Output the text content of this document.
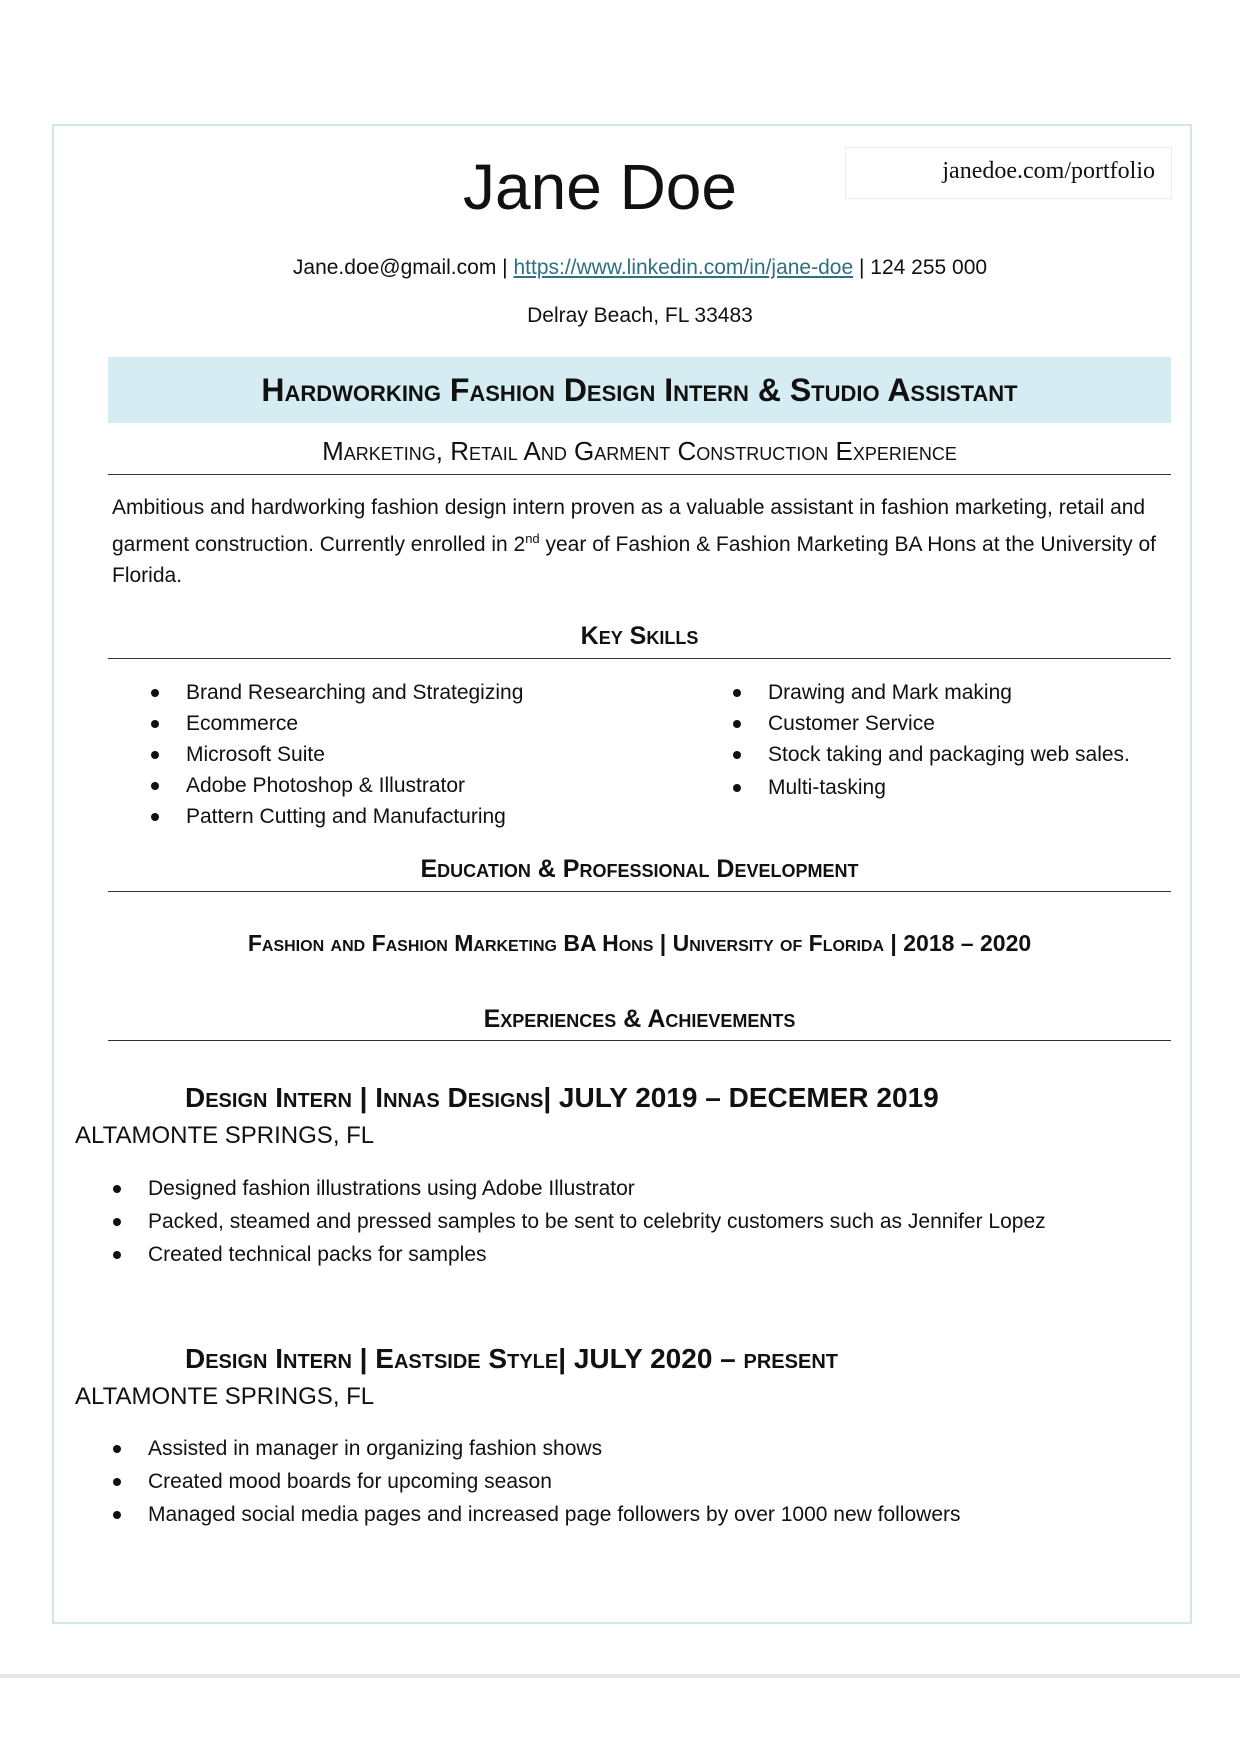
janedoe.com/portfolio
Jane Doe
Jane.doe@gmail.com | https://www.linkedin.com/in/jane-doe | 124 255 000
Delray Beach, FL 33483
Hardworking Fashion Design Intern & Studio Assistant
Marketing, Retail And Garment Construction Experience
Ambitious and hardworking fashion design intern proven as a valuable assistant in fashion marketing, retail and garment construction. Currently enrolled in 2nd year of Fashion & Fashion Marketing BA Hons at the University of Florida.
Key Skills
Brand Researching and Strategizing
Ecommerce
Microsoft Suite
Adobe Photoshop & Illustrator
Pattern Cutting and Manufacturing
Drawing and Mark making
Customer Service
Stock taking and packaging web sales.
Multi-tasking
Education & Professional Development
Fashion and Fashion Marketing BA Hons | University of Florida | 2018 – 2020
Experiences & Achievements
Design Intern | Innas Designs| JULY 2019 – DECEMER 2019
ALTAMONTE SPRINGS, FL
Designed fashion illustrations using Adobe Illustrator
Packed, steamed and pressed samples to be sent to celebrity customers such as Jennifer Lopez
Created technical packs for samples
Design Intern | Eastside Style| JULY 2020 – present
ALTAMONTE SPRINGS, FL
Assisted in manager in organizing fashion shows
Created mood boards for upcoming season
Managed social media pages and increased page followers by over 1000 new followers
